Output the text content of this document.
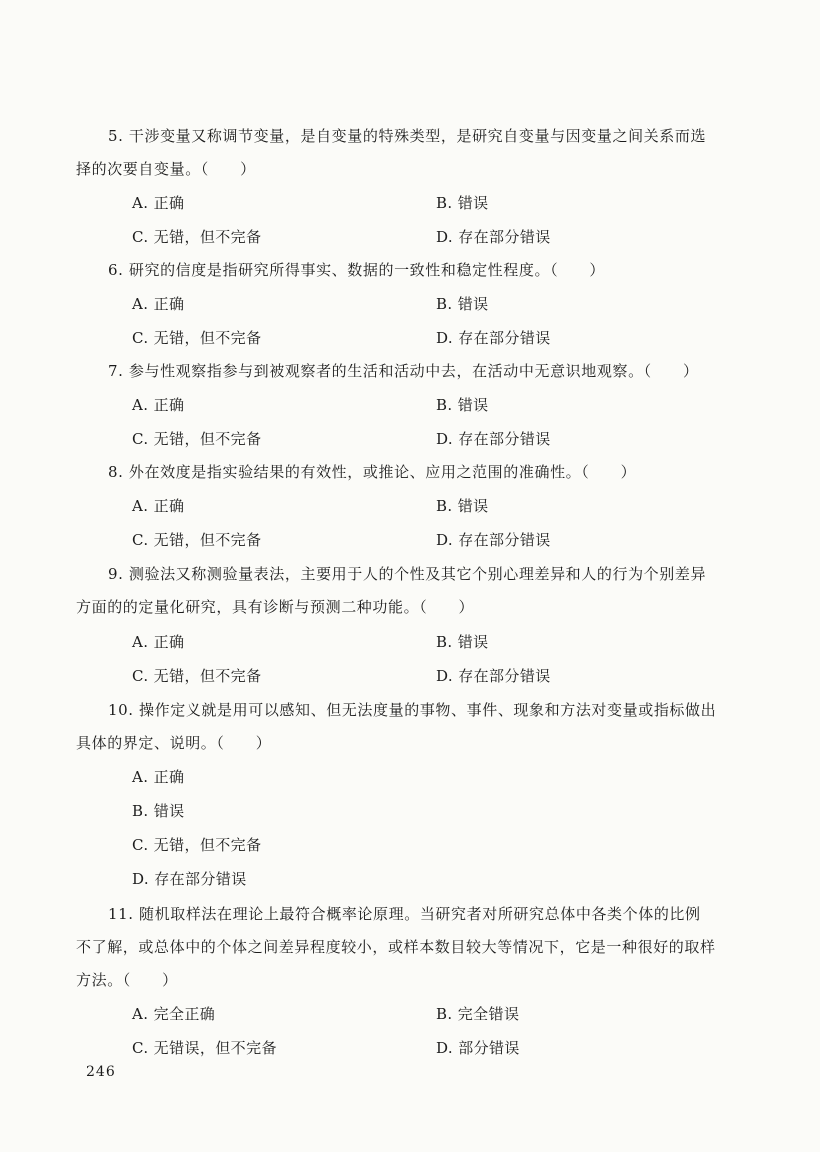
5. 干涉变量又称调节变量，是自变量的特殊类型，是研究自变量与因变量之间关系而选
择的次要自变量。（　　）
A. 正确	B. 错误
C. 无错，但不完备	D. 存在部分错误
6. 研究的信度是指研究所得事实、数据的一致性和稳定性程度。（　　）
A. 正确	B. 错误
C. 无错，但不完备	D. 存在部分错误
7. 参与性观察指参与到被观察者的生活和活动中去，在活动中无意识地观察。（　　）
A. 正确	B. 错误
C. 无错，但不完备	D. 存在部分错误
8. 外在效度是指实验结果的有效性，或推论、应用之范围的准确性。（　　）
A. 正确	B. 错误
C. 无错，但不完备	D. 存在部分错误
9. 测验法又称测验量表法，主要用于人的个性及其它个别心理差异和人的行为个别差异
方面的的定量化研究，具有诊断与预测二种功能。（　　）
A. 正确	B. 错误
C. 无错，但不完备	D. 存在部分错误
10. 操作定义就是用可以感知、但无法度量的事物、事件、现象和方法对变量或指标做出
具体的界定、说明。（　　）
A. 正确
B. 错误
C. 无错，但不完备
D. 存在部分错误
11. 随机取样法在理论上最符合概率论原理。当研究者对所研究总体中各类个体的比例
不了解，或总体中的个体之间差异程度较小，或样本数目较大等情况下，它是一种很好的取样
方法。（　　）
A. 完全正确	B. 完全错误
C. 无错误，但不完备	D. 部分错误
246
